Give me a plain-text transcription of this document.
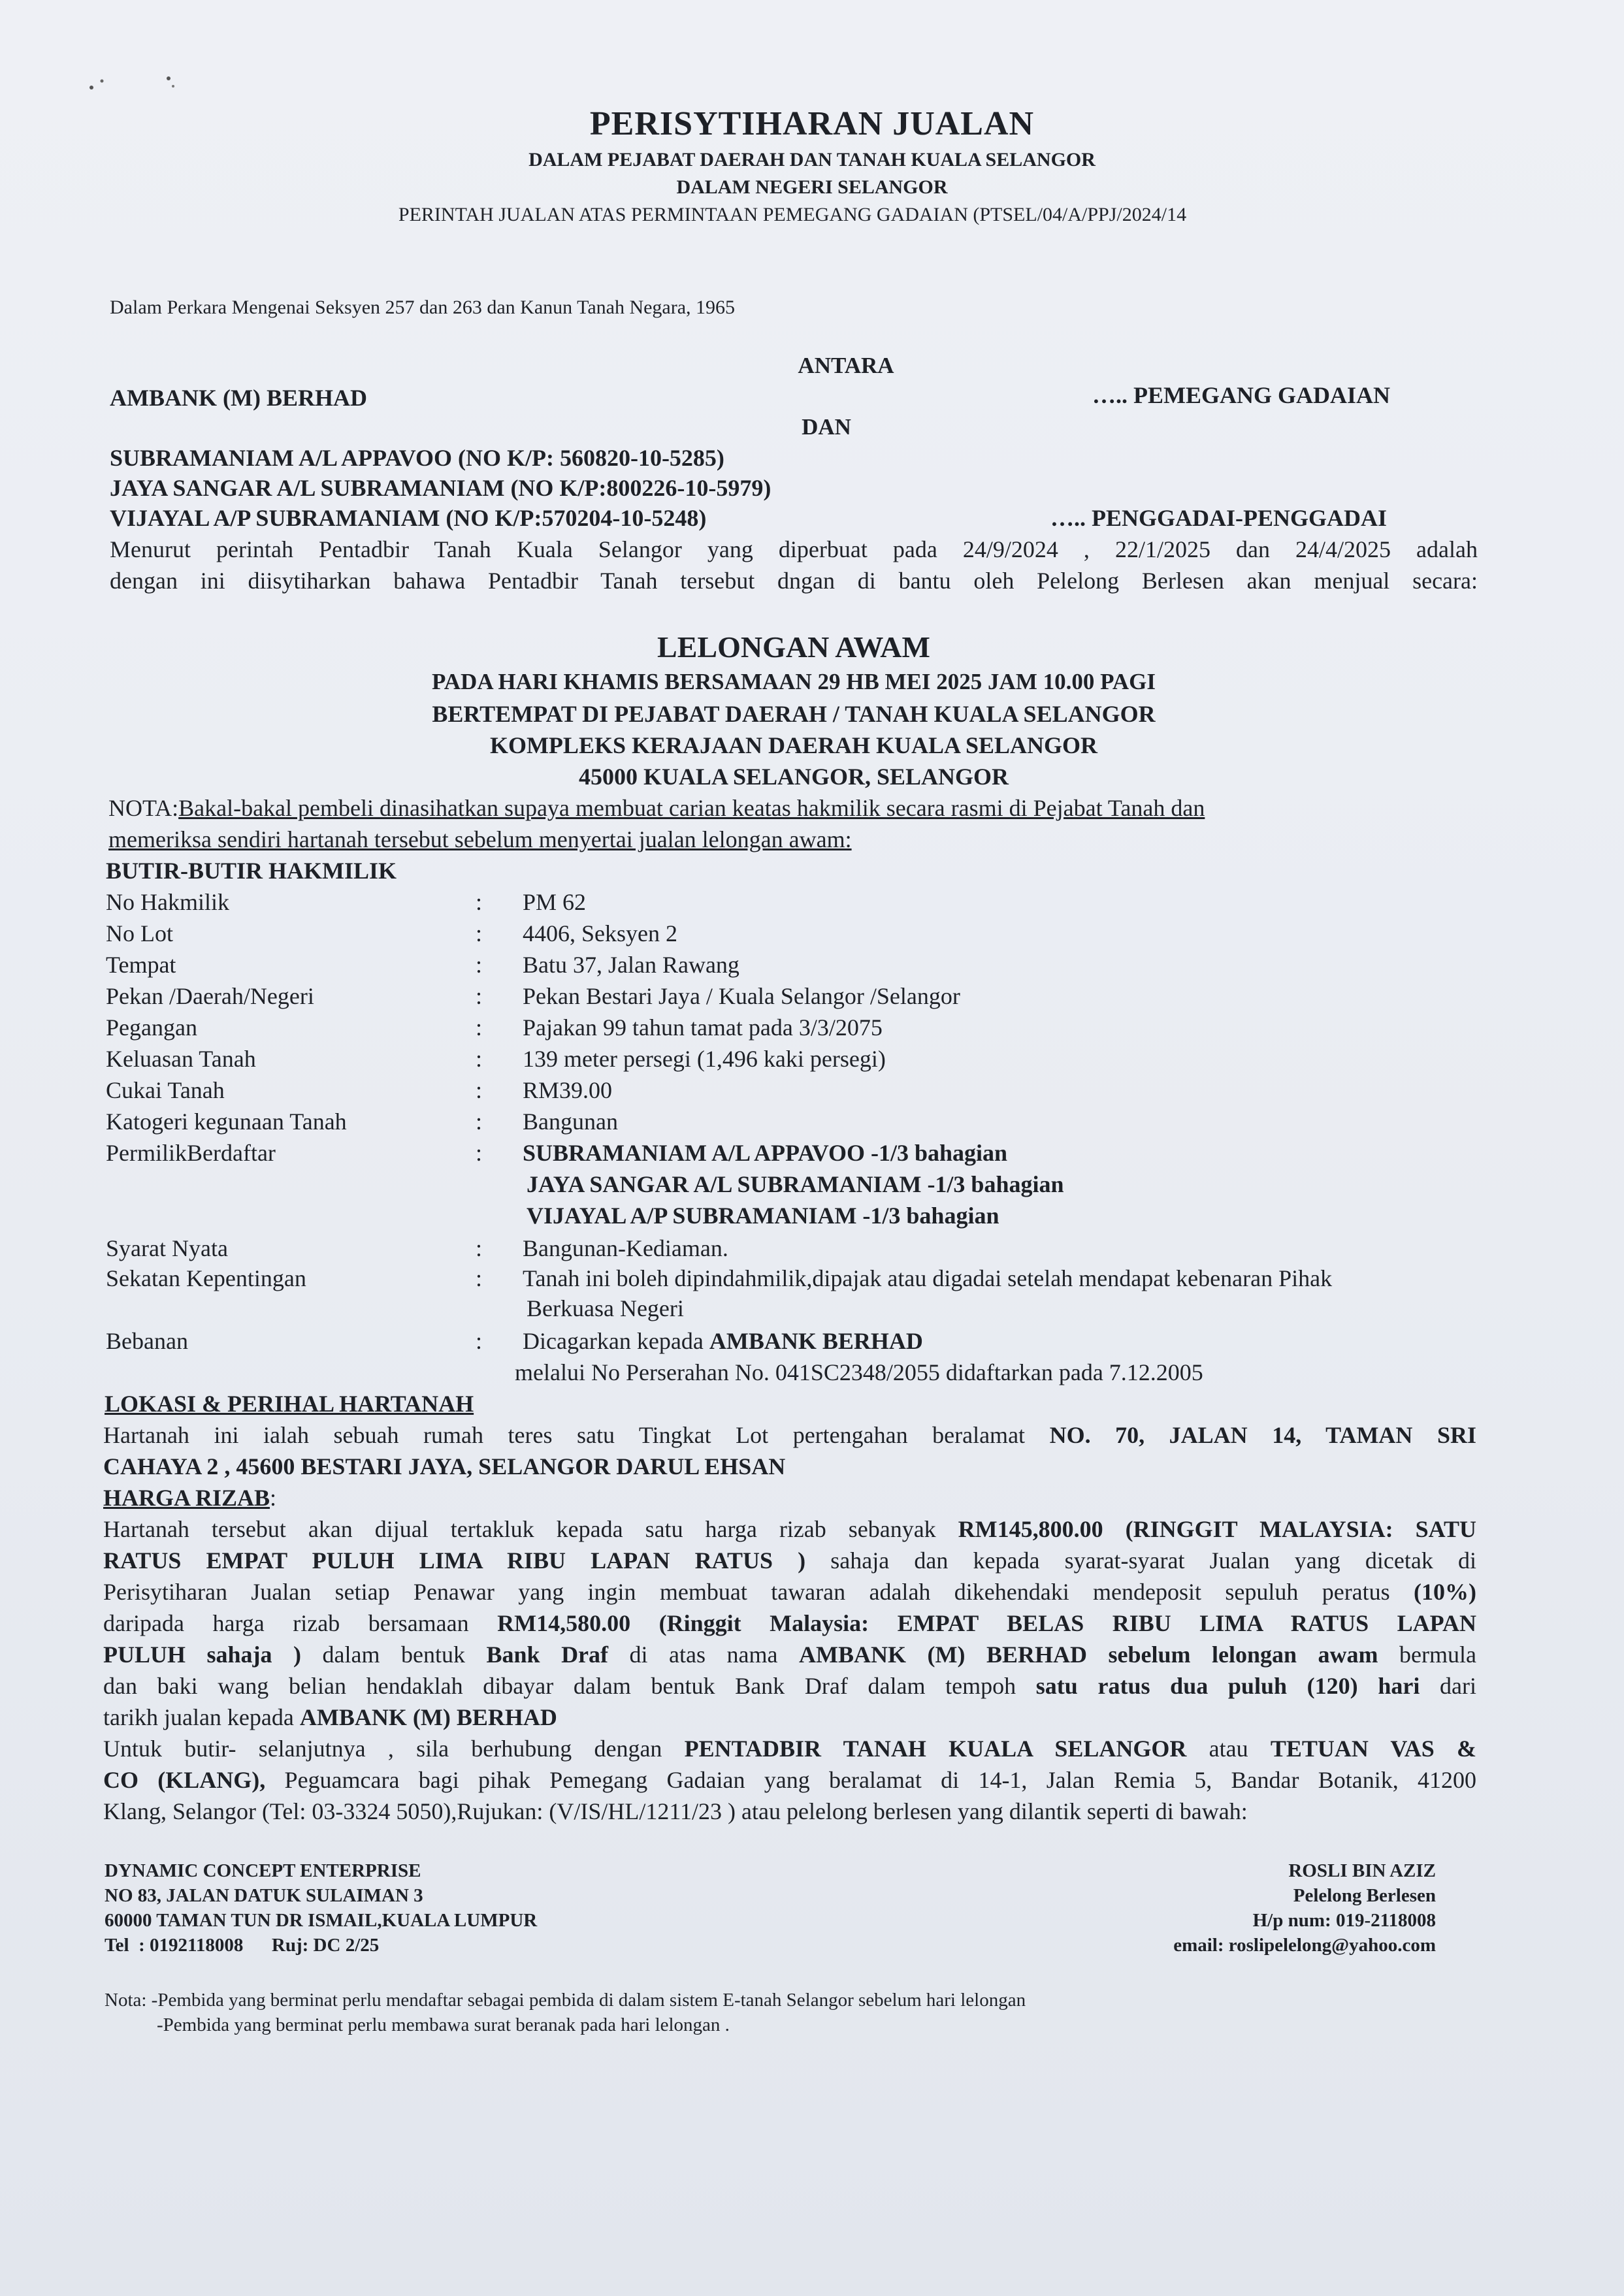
PERISYTIHARAN JUALAN
DALAM PEJABAT DAERAH DAN TANAH KUALA SELANGOR
DALAM NEGERI SELANGOR
PERINTAH JUALAN ATAS PERMINTAAN PEMEGANG GADAIAN (PTSEL/04/A/PPJ/2024/14
Dalam Perkara Mengenai Seksyen 257 dan 263 dan Kanun Tanah Negara, 1965
ANTARA
AMBANK (M) BERHAD	….. PEMEGANG GADAIAN
DAN
SUBRAMANIAM A/L APPAVOO (NO K/P: 560820-10-5285)
JAYA SANGAR A/L SUBRAMANIAM (NO K/P:800226-10-5979)
VIJAYAL A/P SUBRAMANIAM (NO K/P:570204-10-5248)	….. PENGGADAI-PENGGADAI
Menurut perintah Pentadbir Tanah Kuala Selangor yang diperbuat pada 24/9/2024 , 22/1/2025 dan 24/4/2025 adalah
dengan ini diisytiharkan bahawa Pentadbir Tanah tersebut dngan di bantu oleh Pelelong Berlesen akan menjual secara:
LELONGAN AWAM
PADA HARI KHAMIS BERSAMAAN 29 HB MEI 2025 JAM 10.00 PAGI
BERTEMPAT DI PEJABAT DAERAH / TANAH KUALA SELANGOR
KOMPLEKS KERAJAAN DAERAH KUALA SELANGOR
45000 KUALA SELANGOR, SELANGOR
NOTA:Bakal-bakal pembeli dinasihatkan supaya membuat carian keatas hakmilik secara rasmi di Pejabat Tanah dan
memeriksa sendiri hartanah tersebut sebelum menyertai jualan lelongan awam:
BUTIR-BUTIR HAKMILIK
No Hakmilik	: PM 62
No Lot	: 4406, Seksyen 2
Tempat	: Batu 37, Jalan Rawang
Pekan /Daerah/Negeri	: Pekan Bestari Jaya / Kuala Selangor /Selangor
Pegangan	: Pajakan 99 tahun tamat pada 3/3/2075
Keluasan Tanah	: 139 meter persegi (1,496 kaki persegi)
Cukai Tanah	: RM39.00
Katogeri kegunaan Tanah	: Bangunan
PermilikBerdaftar	: SUBRAMANIAM A/L APPAVOO -1/3 bahagian
JAYA SANGAR A/L SUBRAMANIAM -1/3 bahagian
VIJAYAL A/P SUBRAMANIAM -1/3 bahagian
Syarat Nyata	: Bangunan-Kediaman.
Sekatan Kepentingan	: Tanah ini boleh dipindahmilik,dipajak atau digadai setelah mendapat kebenaran Pihak
Berkuasa Negeri
Bebanan	: Dicagarkan kepada AMBANK BERHAD
melalui No Perserahan No. 041SC2348/2055 didaftarkan pada 7.12.2005
LOKASI & PERIHAL HARTANAH
Hartanah ini ialah sebuah rumah teres satu Tingkat Lot pertengahan beralamat NO. 70, JALAN 14, TAMAN SRI
CAHAYA 2 , 45600 BESTARI JAYA, SELANGOR DARUL EHSAN
HARGA RIZAB:
Hartanah tersebut akan dijual tertakluk kepada satu harga rizab sebanyak RM145,800.00 (RINGGIT MALAYSIA: SATU
RATUS EMPAT PULUH LIMA RIBU LAPAN RATUS ) sahaja dan kepada syarat-syarat Jualan yang dicetak di
Perisytiharan Jualan setiap Penawar yang ingin membuat tawaran adalah dikehendaki mendeposit sepuluh peratus (10%)
daripada harga rizab bersamaan RM14,580.00 (Ringgit Malaysia: EMPAT BELAS RIBU LIMA RATUS LAPAN
PULUH sahaja ) dalam bentuk Bank Draf di atas nama AMBANK (M) BERHAD sebelum lelongan awam bermula
dan baki wang belian hendaklah dibayar dalam bentuk Bank Draf dalam tempoh satu ratus dua puluh (120) hari dari
tarikh jualan kepada AMBANK (M) BERHAD
Untuk butir- selanjutnya , sila berhubung dengan PENTADBIR TANAH KUALA SELANGOR atau TETUAN VAS &
CO (KLANG), Peguamcara bagi pihak Pemegang Gadaian yang beralamat di 14-1, Jalan Remia 5, Bandar Botanik, 41200
Klang, Selangor (Tel: 03-3324 5050),Rujukan: (V/IS/HL/1211/23 ) atau pelelong berlesen yang dilantik seperti di bawah:
DYNAMIC CONCEPT ENTERPRISE
NO 83, JALAN DATUK SULAIMAN 3
60000 TAMAN TUN DR ISMAIL,KUALA LUMPUR
Tel  : 0192118008      Ruj: DC 2/25
ROSLI BIN AZIZ
Pelelong Berlesen
H/p num: 019-2118008
email: roslipelelong@yahoo.com
Nota: -Pembida yang berminat perlu mendaftar sebagai pembida di dalam sistem E-tanah Selangor sebelum hari lelongan
-Pembida yang berminat perlu membawa surat beranak pada hari lelongan .
